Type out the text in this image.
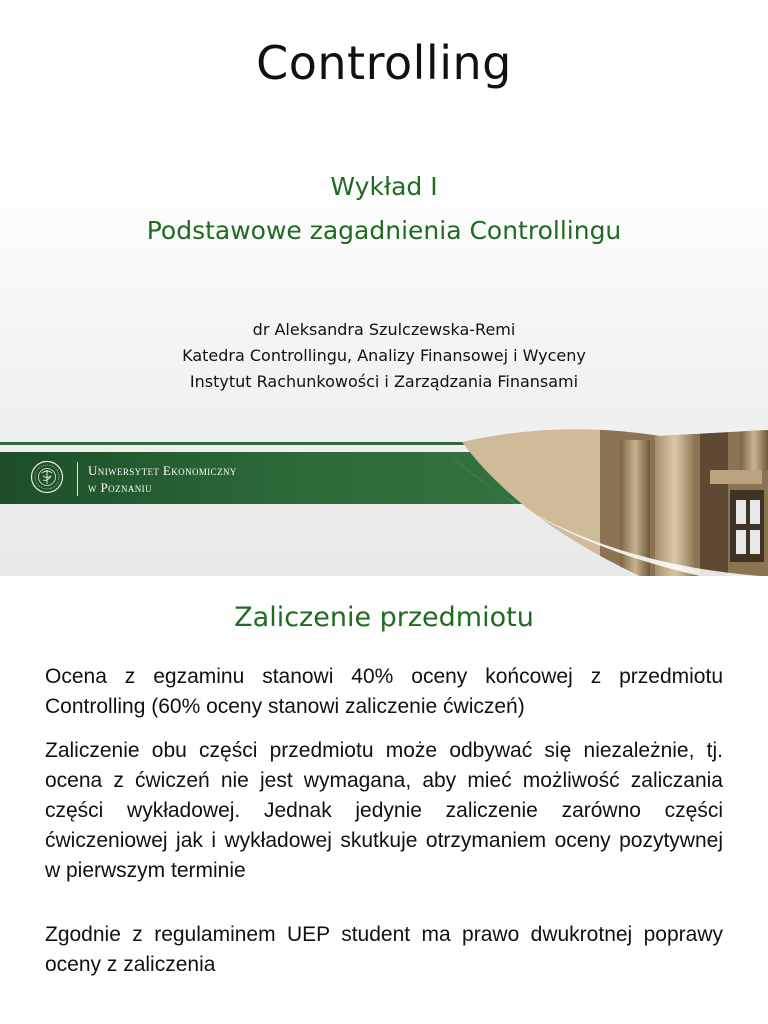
Controlling
Wykład I
Podstawowe zagadnienia Controllingu
dr Aleksandra Szulczewska-Remi
Katedra Controllingu, Analizy Finansowej i Wyceny
Instytut Rachunkowości i Zarządzania Finansami
Uniwersytet Ekonomiczny
w Poznaniu
Zaliczenie przedmiotu
Ocena z egzaminu stanowi 40% oceny końcowej z przedmiotu Controlling (60% oceny stanowi zaliczenie ćwiczeń)
Zaliczenie obu części przedmiotu może odbywać się niezależnie, tj. ocena z ćwiczeń nie jest wymagana, aby mieć możliwość zaliczania części wykładowej. Jednak jedynie zaliczenie zarówno części ćwiczeniowej jak i wykładowej skutkuje otrzymaniem oceny pozytywnej w pierwszym terminie
Zgodnie z regulaminem UEP student ma prawo dwukrotnej poprawy oceny z zaliczenia
